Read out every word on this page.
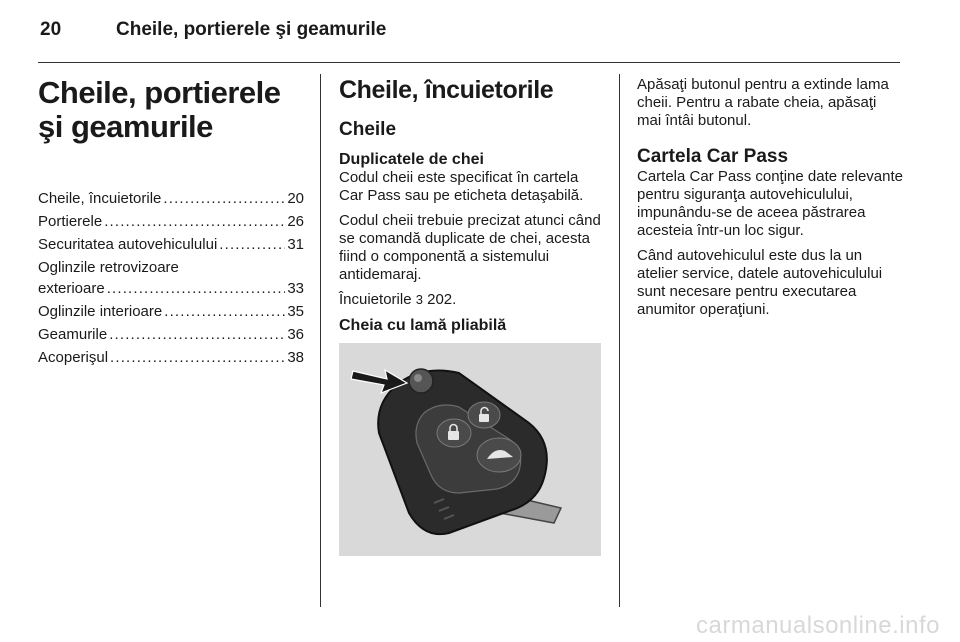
20	Cheile, portierele şi geamurile
Cheile, portierele şi geamurile
Cheile, încuietorile . . .	20
Portierele . . .	26
Securitatea autovehiculului . . .	31
Oglinzile retrovizoare
exterioare . . .	33
Oglinzile interioare . . .	35
Geamurile . . .	36
Acoperişul . . .	38
Cheile, încuietorile
Cheile
Duplicatele de chei

Codul cheii este specificat în cartela Car Pass sau pe eticheta detaşabilă.

Codul cheii trebuie precizat atunci când se comandă duplicate de chei, acesta fiind o componentă a sistemului antidemaraj.

Încuietorile 3 202.

Cheia cu lamă pliabilă

Apăsaţi butonul pentru a extinde lama cheii. Pentru a rabate cheia, apăsaţi mai întâi butonul.

Cartela Car Pass

Cartela Car Pass conţine date relevante pentru siguranţa autovehiculului, impunându-se de aceea păstrarea acesteia într-un loc sigur.

Când autovehiculul este dus la un atelier service, datele autovehiculului sunt necesare pentru executarea anumitor operaţiuni.

carmanualsonline.info
